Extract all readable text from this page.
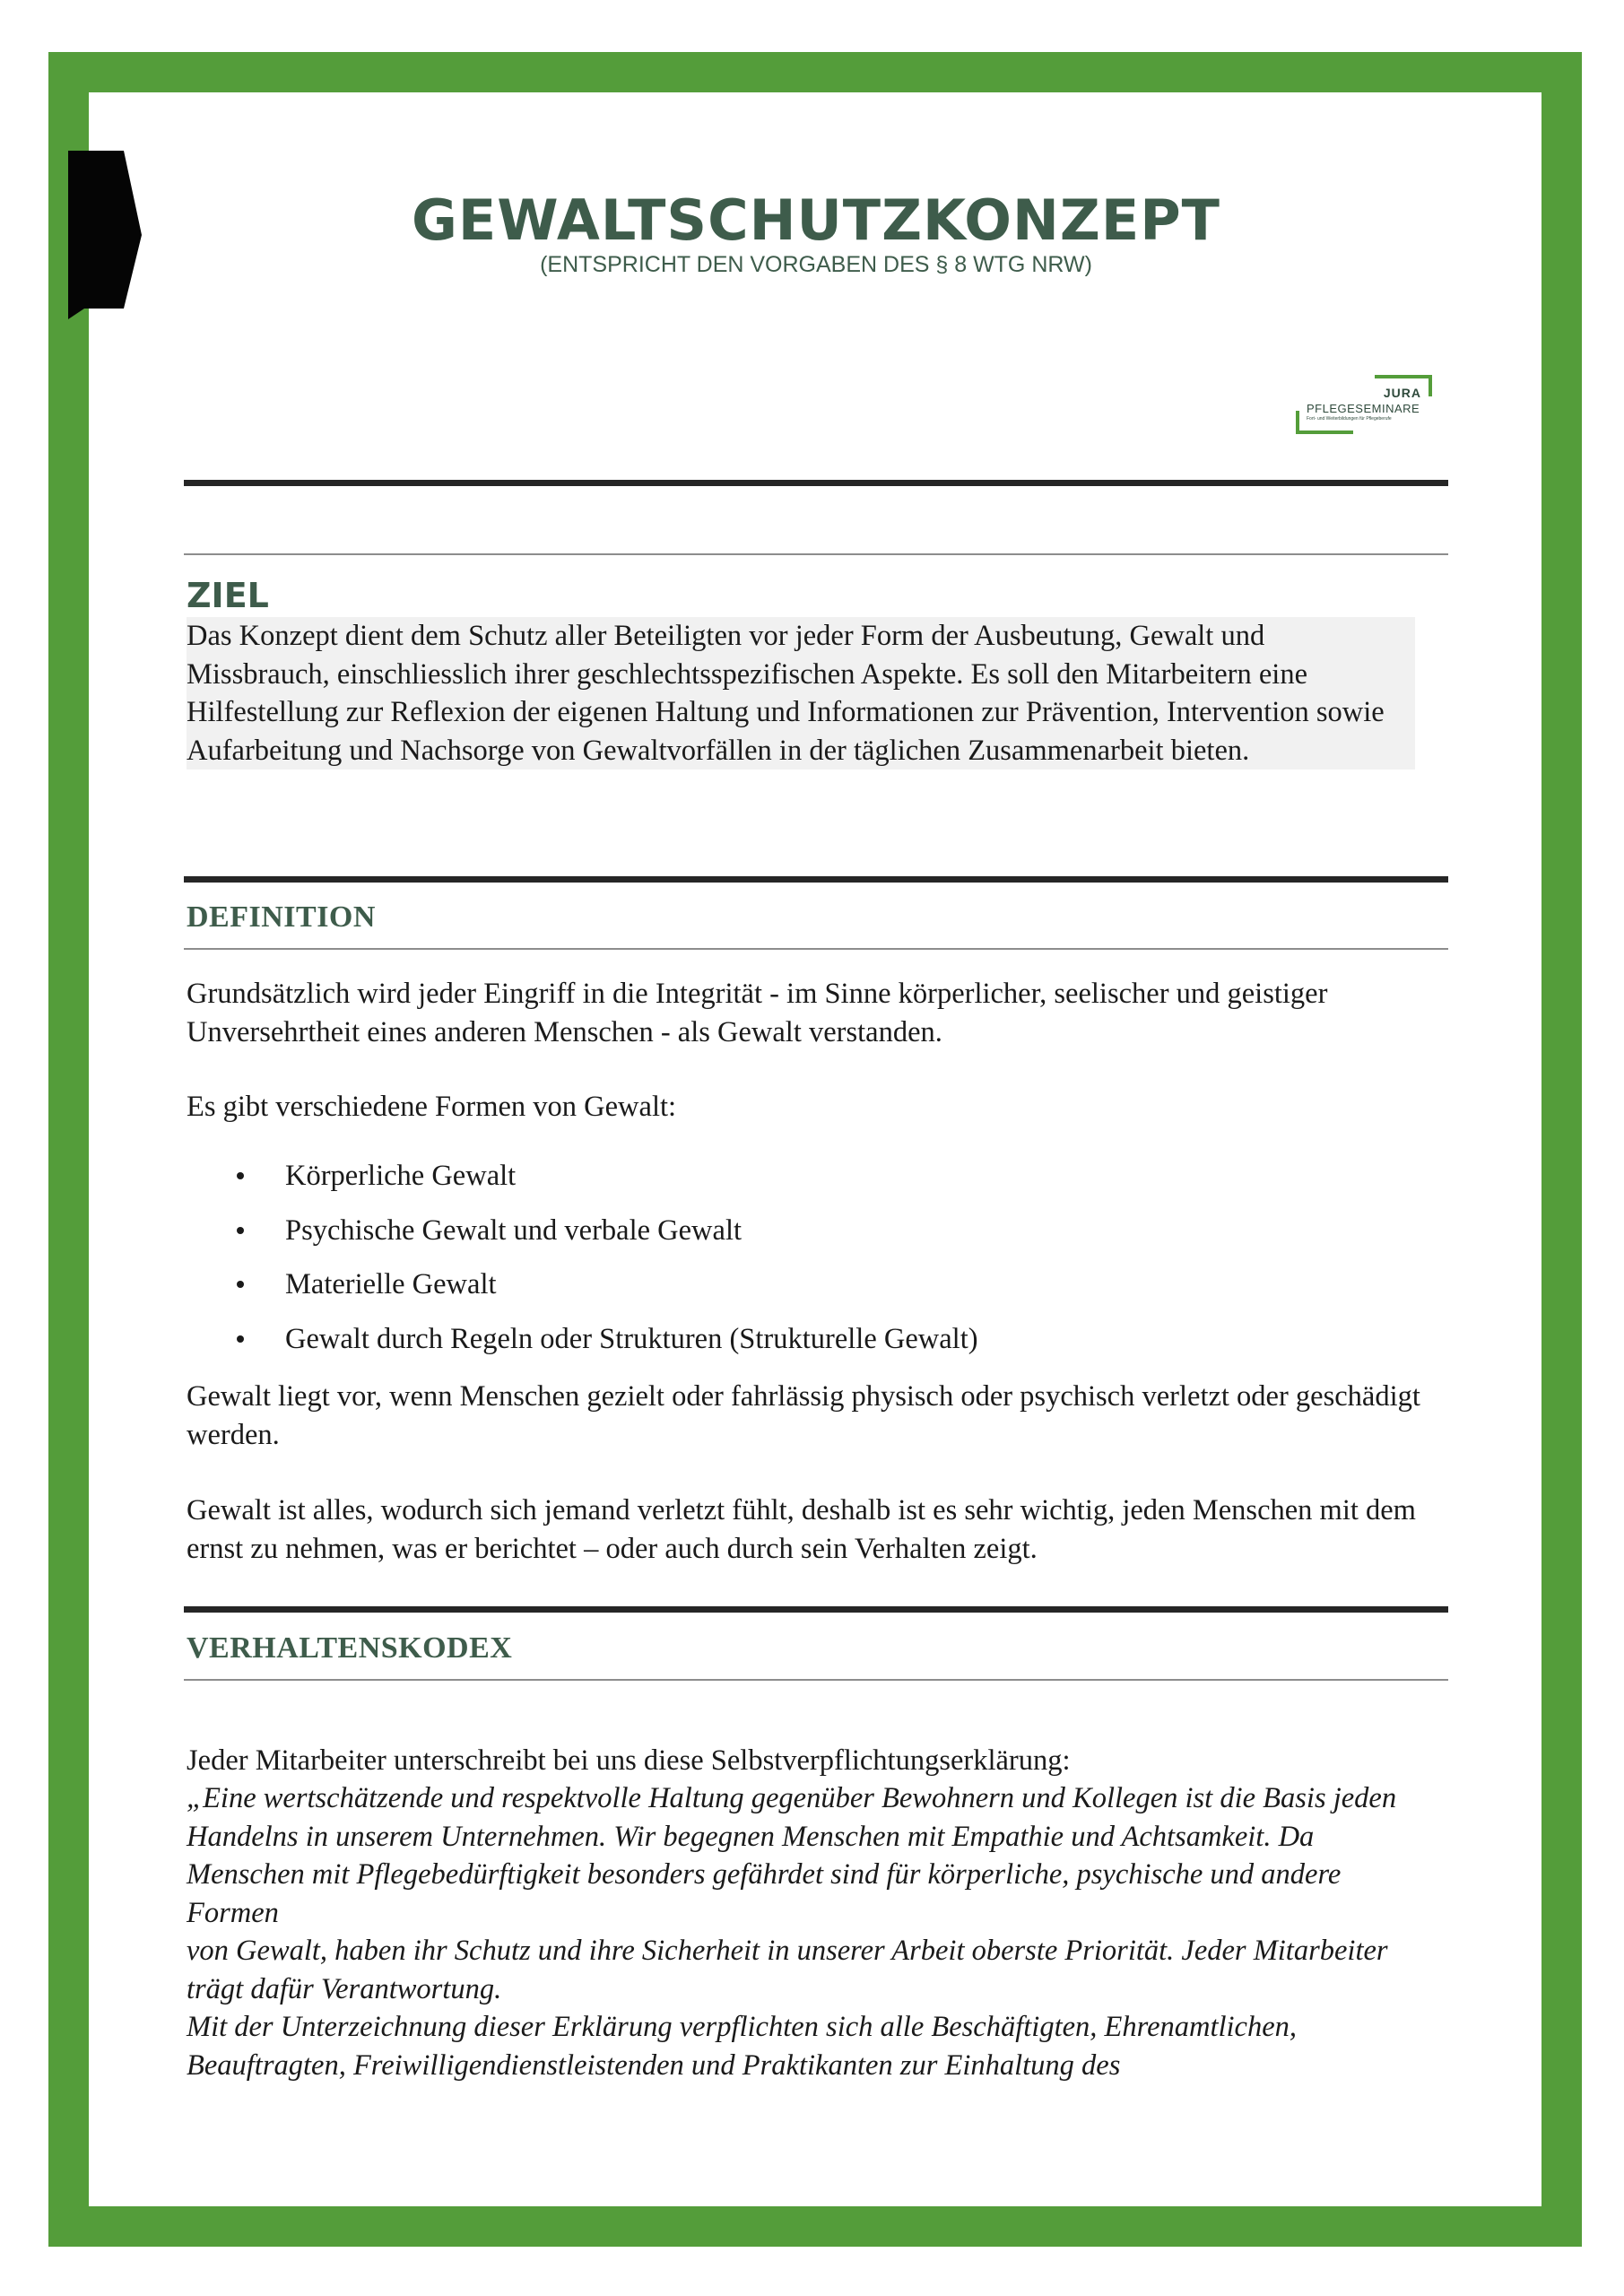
GEWALTSCHUTZKONZEPT

(ENTSPRICHT DEN VORGABEN DES § 8 WTG NRW)

JURA
PFLEGESEMINARE
Fort- und Weiterbildungen für Pflegeberufe
ZIEL

Das Konzept dient dem Schutz aller Beteiligten vor jeder Form der Ausbeutung, Gewalt und Missbrauch, einschliesslich ihrer geschlechtsspezifischen Aspekte. Es soll den Mitarbeitern eine Hilfestellung zur Reflexion der eigenen Haltung und Informationen zur Prävention, Intervention sowie Aufarbeitung und Nachsorge von Gewaltvorfällen in der täglichen Zusammenarbeit bieten.

DEFINITION

Grundsätzlich wird jeder Eingriff in die Integrität - im Sinne körperlicher, seelischer und geistiger Unversehrtheit eines anderen Menschen - als Gewalt verstanden.

Es gibt verschiedene Formen von Gewalt:

Körperliche Gewalt
Psychische Gewalt und verbale Gewalt
Materielle Gewalt
Gewalt durch Regeln oder Strukturen (Strukturelle Gewalt)

Gewalt liegt vor, wenn Menschen gezielt oder fahrlässig physisch oder psychisch verletzt oder geschädigt werden.

Gewalt ist alles, wodurch sich jemand verletzt fühlt, deshalb ist es sehr wichtig, jeden Menschen mit dem ernst zu nehmen, was er berichtet – oder auch durch sein Verhalten zeigt.

VERHALTENSKODEX

Jeder Mitarbeiter unterschreibt bei uns diese Selbstverpflichtungserklärung:

„Eine wertschätzende und respektvolle Haltung gegenüber Bewohnern und Kollegen ist die Basis jeden Handelns in unserem Unternehmen. Wir begegnen Menschen mit Empathie und Achtsamkeit. Da Menschen mit Pflegebedürftigkeit besonders gefährdet sind für körperliche, psychische und andere Formen

von Gewalt, haben ihr Schutz und ihre Sicherheit in unserer Arbeit oberste Priorität. Jeder Mitarbeiter trägt dafür Verantwortung.

Mit der Unterzeichnung dieser Erklärung verpflichten sich alle Beschäftigten, Ehrenamtlichen, Beauftragten, Freiwilligendienstleistenden und Praktikanten zur Einhaltung des
